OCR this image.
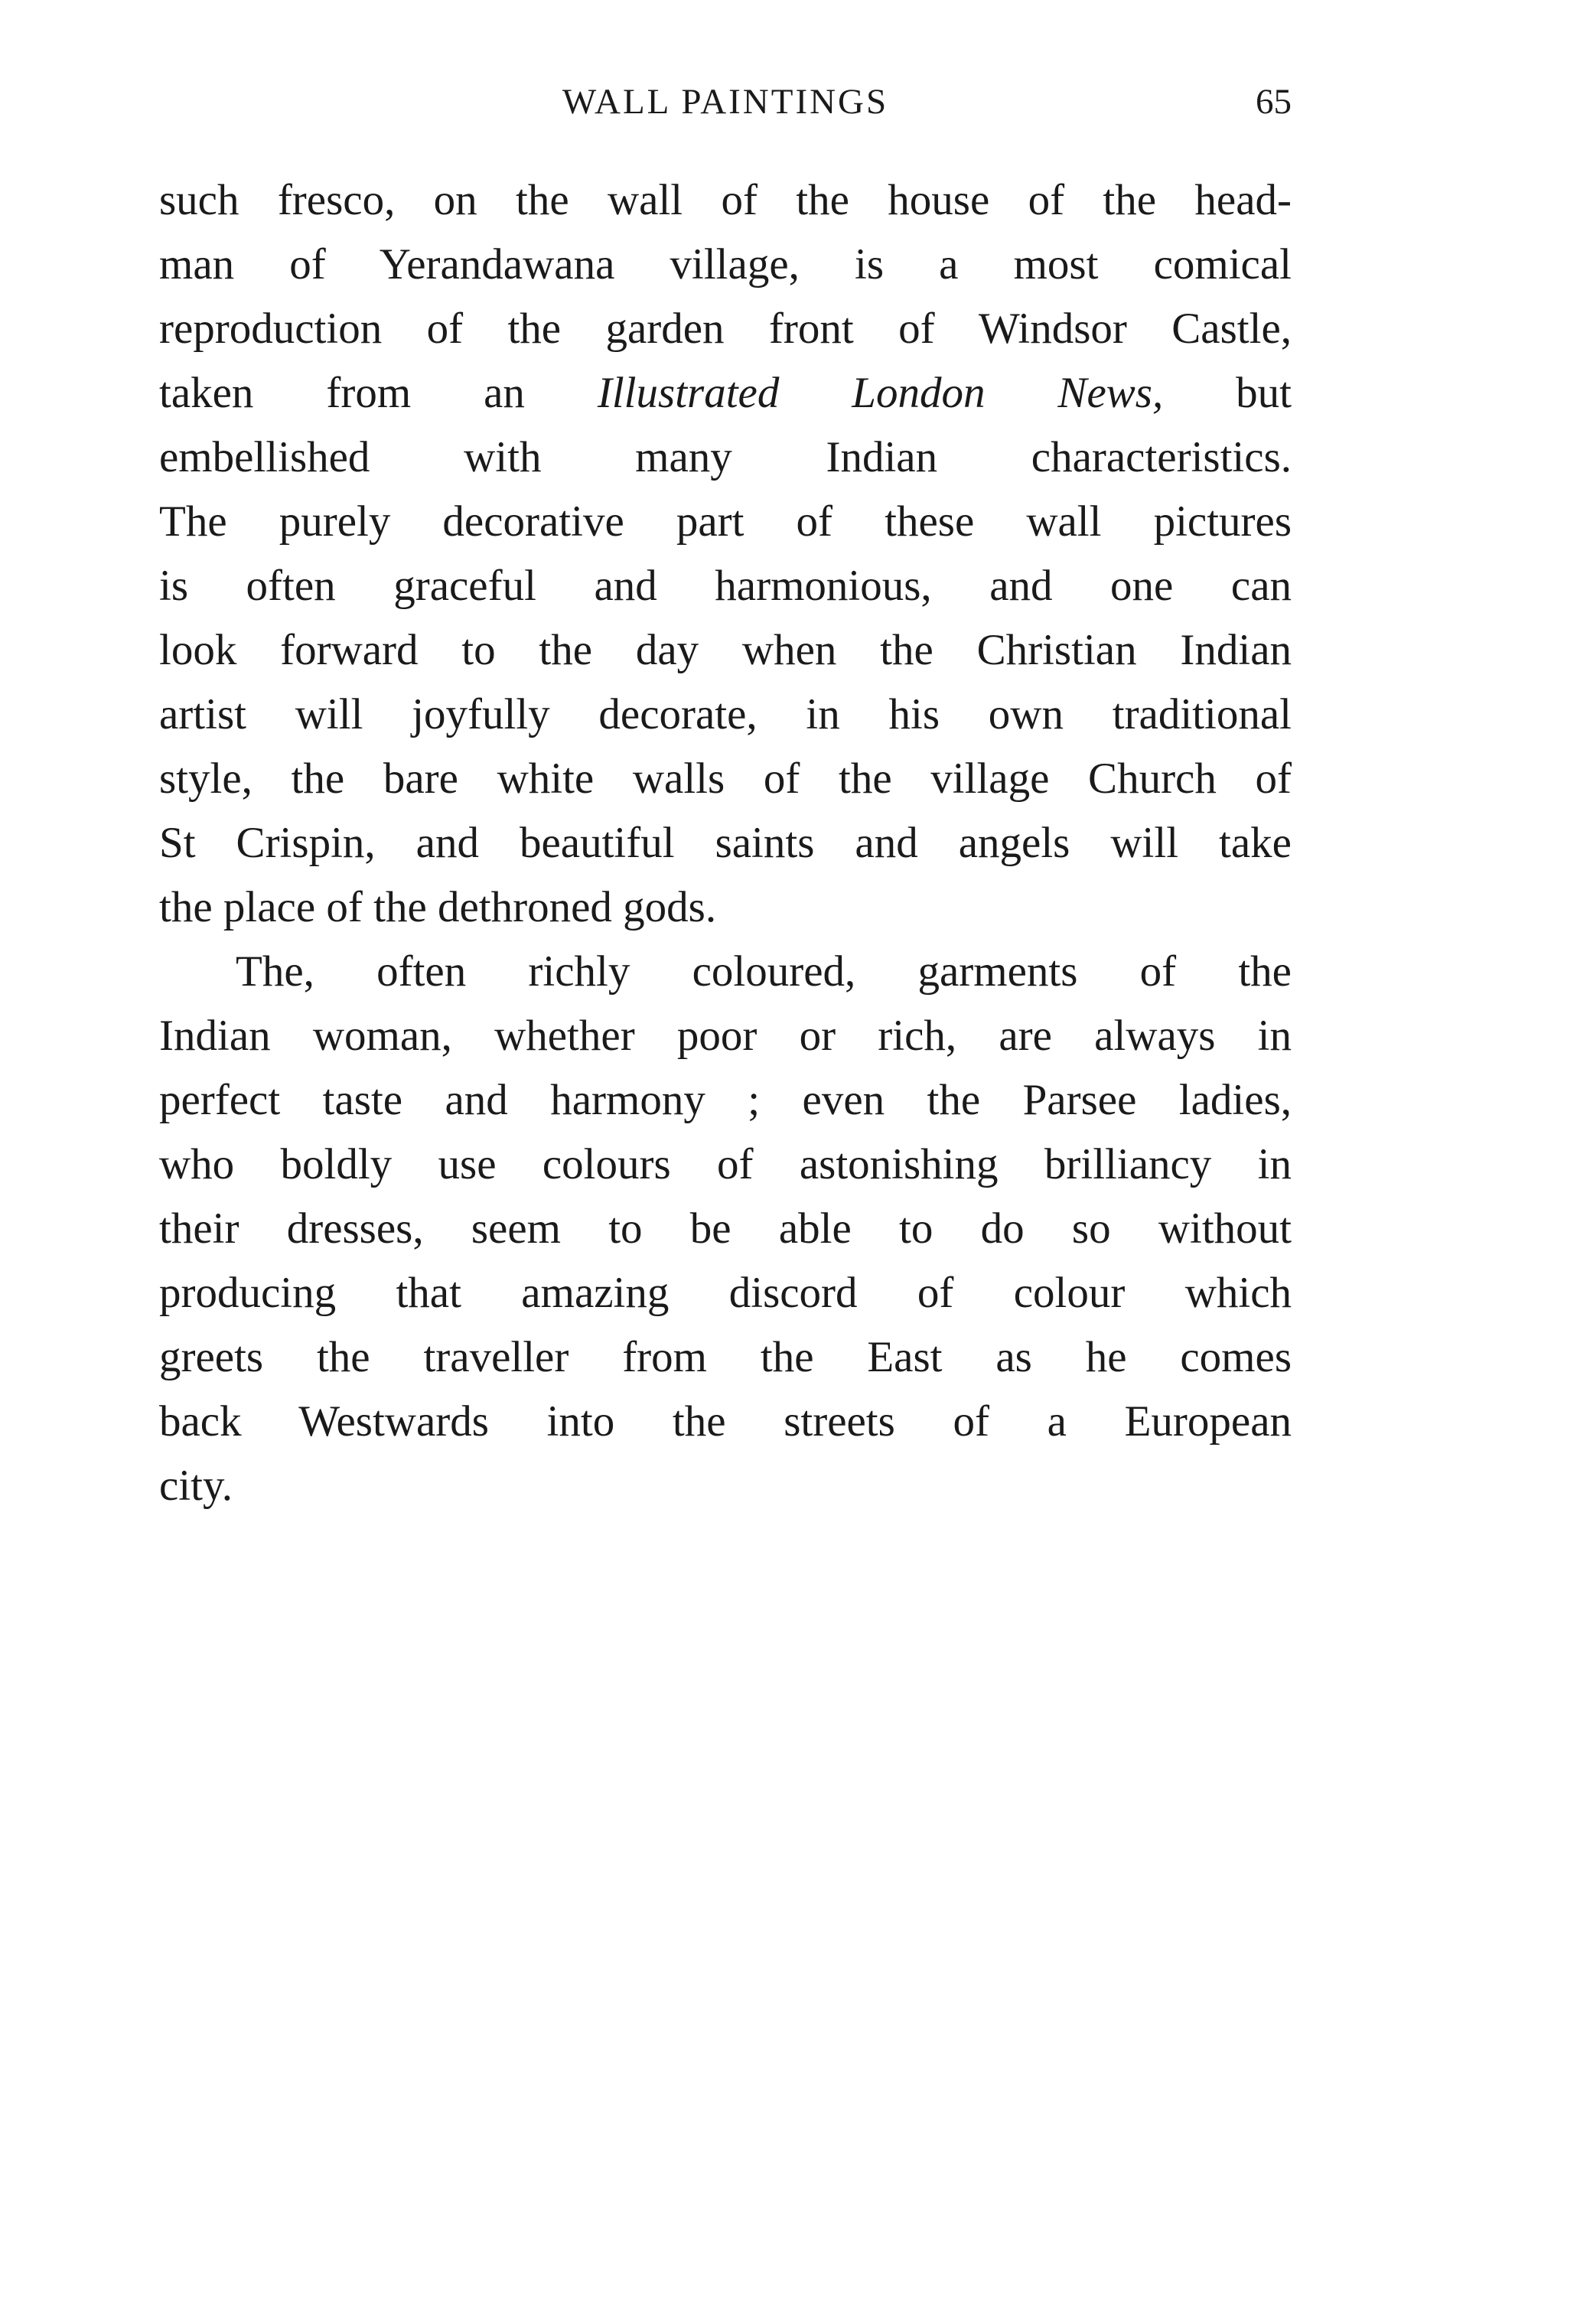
WALL PAINTINGS	65
such fresco, on the wall of the house of the head-
man of Yerandawana village, is a most comical
reproduction of the garden front of Windsor Castle,
taken from an Illustrated London News, but
embellished with many Indian characteristics.
The purely decorative part of these wall pictures
is often graceful and harmonious, and one can
look forward to the day when the Christian Indian
artist will joyfully decorate, in his own traditional
style, the bare white walls of the village Church of
St Crispin, and beautiful saints and angels will take
the place of the dethroned gods.
The, often richly coloured, garments of the
Indian woman, whether poor or rich, are always in
perfect taste and harmony ; even the Parsee ladies,
who boldly use colours of astonishing brilliancy in
their dresses, seem to be able to do so without
producing that amazing discord of colour which
greets the traveller from the East as he comes
back Westwards into the streets of a European
city.
